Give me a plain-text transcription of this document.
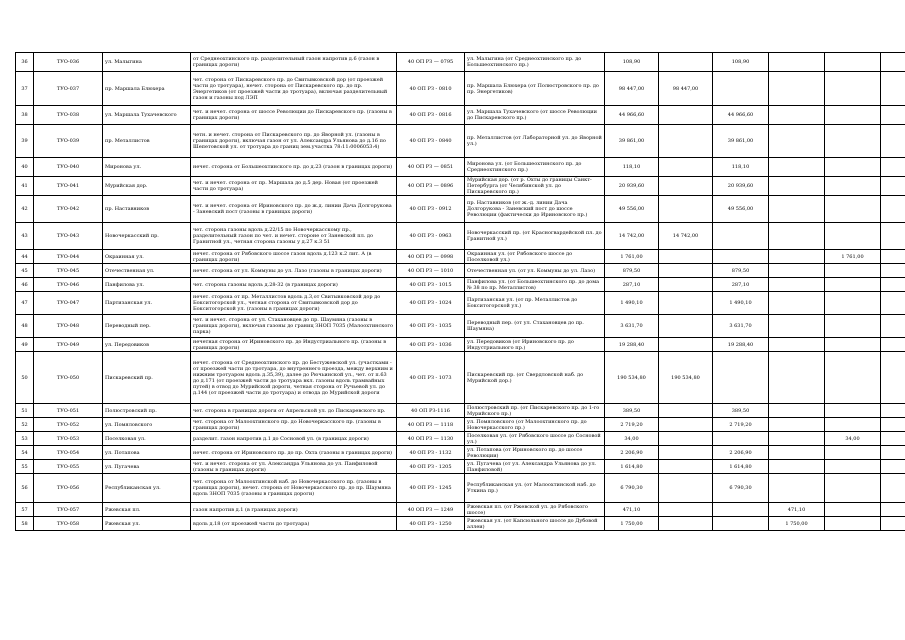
36	ТУО-036	ул. Малыгина	от Среднеохтинского пр. разделительный газон напротив д.6 (газон в границах дороги)	40 ОП РЗ — 0795	ул. Малыгина (от Среднеохтинского пр. до Большеохтинского пр.)	108,90		108,90				
37	ТУО-037	пр. Маршала Блюхера	чет. сторона от Пискаревского пр. до Свитывковской дор (от проезжей части до тротуара), нечет. сторона от Пискаревского пр. до пр. Энергетиков (от проезжей части до тротуара), включая разделительный газон и газоны под ЛЭП	40 ОП РЗ - 0810	пр. Маршала Блюхера (от Полюстровского пр. до пр. Энергетиков)	98 447,00	98 447,00					
38	ТУО-038	ул. Маршала Тухачевского	чет. и нечет. сторона от шоссе Революции до Пискаревского пр. (газоны в границах дороги)	40 ОП РЗ - 0816	ул. Маршала Тухачевского (от шоссе Революции до Пискаревского пр.)	44 966,60		44 966,60				
39	ТУО-039	пр. Металлистов	четн. и нечет. сторона от Пискаревского пр. до Яворной ул. (газоны в границах дороги), включая газон от ул. Александра Ульянова до д.16 по Шепетовской ул. от тротуара до границ зем.участка 78:11:0006053:4)	40 ОП РЗ - 0840	пр. Металлистов (от Лабораторной ул. до Яворной ул.)	39 861,00		39 861,00				
40	ТУО-040	Миронова ул.	нечет. сторона от Большеохтинского пр. до д.23 (газон в границах дороги)	40 ОП РЗ — 0851	Миронова ул. (от Большеохтинского пр. до Среднеохтинского пр.)	118,10		118,10				
41	ТУО-041	Мурийская дор.	чет. и нечет. сторона от пр. Маршала до д.5 дер. Новая (от проезжей части до тротуара)	40 ОП РЗ — 0896	Мурийская дор. (от р. Охты до границы Санкт-Петербурга (от Челябинской ул. до Пискаревского пр.)	20 939,60		20 939,60				
42	ТУО-042	пр. Наставников	чет. и нечет. сторона от Ириновского пр. до ж.д. линии Дача Долгорукова - Заневский пост (газоны в границах дороги)	40 ОП РЗ - 0912	пр. Наставников (от ж.-д. линии Дача Долгорукова - Заневский пост до шоссе Революции (фактически до Ириновского пр.)	49 556,00		49 556,00				
43	ТУО-043	Новочеркасский пр.	чет. сторона газоны вдоль д.22/15 по Новочеркасскому пр., разделительный газон по чет. и нечет. стороне от Заневской пл. до Гранитной ул., четная сторона газоны у д.27 к.3 51	40 ОП РЗ - 0963	Новочеркасский пр. (от Красногвардейской пл. до Гранитной ул.)	14 742,00	14 742,00					
44	ТУО-044	Окраинная ул.	нечет. сторона от Рябовского шоссе газон вдоль д.123 к.2 лит. А (в границах дороги)	40 ОП РЗ — 0998	Окраинная ул. (от Рябовского шоссе до Поселковой ул.)	1 761,00				1 761,00		
45	ТУО-045	Отечественная ул.	нечет. сторона от ул. Коммуны до ул. Лазо (газоны в границах дороги)	40 ОП РЗ — 1010	Отечественная ул. (от ул. Коммуны до ул. Лазо)	879,50		879,50				
46	ТУО-046	Панфилова ул.	чет. сторона газоны вдоль д.28-32 (в границах дороги)	40 ОП РЗ - 1015	Панфилова ул. (от Большеохтинского пр. до дома № 38 по пр. Металлистов)	287,10		287,10				
47	ТУО-047	Партизанская ул.	нечет. сторона от пр. Металлистов вдоль д.3,от Свитывковской дор до Бокситогорской ул., четная сторона от Свитывковской дор до Бокситогорской ул. (газоны в границах дороги)	40 ОП РЗ - 1024	Партизанская ул. (от пр. Металлистов до Бокситогорской ул.)	1 490,10		1 490,10				
48	ТУО-048	Переводный пер.	чет. и нечет. сторона от ул. Стахановцев до пр. Шаумяна (газоны в границах дороги), включая газоны до границ ЗНОП 7035 (Малоохтинского парка)	40 ОП РЗ - 1035	Переводный пер. (от ул. Стахановцев до пр. Шаумяна)	3 631,70		3 631,70				
49	ТУО-049	ул. Передовиков	нечетная сторона от Ириновского пр. до Индустриального пр. (газоны в границах дороги)	40 ОП РЗ - 1036	ул. Передовиков (от Ириновского пр. до Индустриального пр.)	19 288,40		19 288,40				
50	ТУО-050	Пискаревский пр.	нечет. сторона от Среднеохтинского пр. до Бестужевской ул. (участками - от проезжей части до тротуара, до внутреннего проезда, между верхним и нижним тротуаром вдоль д.35,39), далее до Рючьинской ул., чет. от п.63 до д.171 (от проезжей части до тротуара вкл. газоны вдоль трамвайных путей) в отвод до Мурийской дороги, четная сторона от Ручьевой ул. до д.144 (от проезжей части до тротуара) и отвода до Мурийской дороги	40 ОП РЗ - 1073	Пискаревский пр. (от Свердловской наб. до Мурийской дор.)	190 534,80	190 534,80					
51	ТУО-051	Полюстровский пр.	чет. сторона в границах дороги от Апрельской ул. до Пискаревского пр.	40 ОП РЗ-1116	Полюстровский пр. (от Пискаревского пр. до 1-го Мурийского пр.)	389,50		389,50				
52	ТУО-052	ул. Помяловского	чет. сторона от Малоохтинского пр. до Новочеркасского пр. (газоны в границах дороги)	40 ОП РЗ — 1118	ул. Помяловского (от Малоохтинского пр. до Новочеркасского пр.)	2 719,20		2 719,20				
53	ТУО-053	Поселковая ул.	разделит. газон напротив д.1 до Сосновой ул. (в границах дороги)	40 ОП РЗ — 1130	Поселковая ул. (от Рябовского шоссе до Сосновой ул.)	34,00				34,00		
54	ТУО-054	ул. Потапова	нечет. сторона от Ириновского пр. до пр. Охта (газоны в границах дороги)	40 ОП РЗ - 1132	ул. Потапова (от Ириновского пр. до шоссе Революции)	2 206,90		2 206,90				
55	ТУО-055	ул. Пугачева	чет. и нечет. сторона от ул. Александра Ульянова до ул. Панфиловой (газоны в границах дороги)	40 ОП РЗ - 1205	ул. Пугачева (от ул. Александра Ульянова до ул. Панфиловой)	1 614,80		1 614,80				
56	ТУО-056	Республиканская ул.	чет. сторона от Малоохтинской наб. до Новочеркасского пр. (газоны в границах дороги), нечет. сторона от Новочеркасского пр. до пр. Шаумяна вдоль ЗНОП 7035 (газоны в границах дороги)	40 ОП РЗ - 1245	Республиканская ул. (от Малоохтинской наб. до Уткина пр.)	6 790,30		6 790,30				
57	ТУО-057	Ржевская пл.	газон напротив д.1 (в границах дороги)	40 ОП РЗ — 1249	Ржевская пл. (от Ржевской ул. до Рябовского шоссе)	471,10			471,10			
58	ТУО-058	Ржевская ул.	вдоль д.18 (от проезжей части до тротуара)	40 ОП РЗ - 1250	Ржевская ул. (от Капсюльного шоссе до Дубовой аллеи)	1 750,00			1 750,00			
